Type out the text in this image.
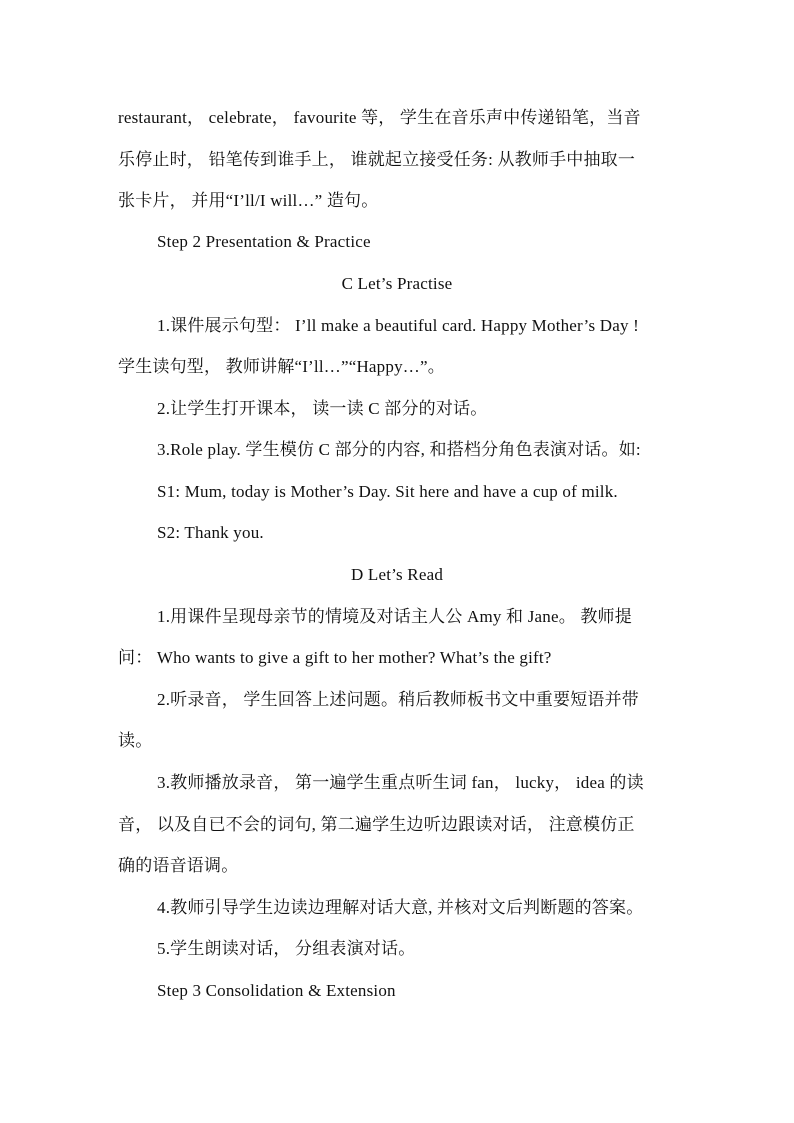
restaurant， celebrate， favourite 等， 学生在音乐声中传递铅笔，当音
乐停止时， 铅笔传到谁手上， 谁就起立接受任务: 从教师手中抽取一
张卡片， 并用“I’ll/I will…” 造句。
Step 2 Presentation & Practice
C Let’s Practise
1.课件展示句型： I’ll make a beautiful card. Happy Mother’s Day !
学生读句型， 教师讲解“I’ll…”“Happy…”。
2.让学生打开课本， 读一读 C 部分的对话。
3.Role play. 学生模仿 C 部分的内容, 和搭档分角色表演对话。如:
S1: Mum, today is Mother’s Day. Sit here and have a cup of milk.
S2: Thank you.
D Let’s Read
1.用课件呈现母亲节的情境及对话主人公 Amy 和 Jane。 教师提
问： Who wants to give a gift to her mother? What’s the gift?
2.听录音， 学生回答上述问题。稍后教师板书文中重要短语并带
读。
3.教师播放录音， 第一遍学生重点听生词 fan， lucky， idea 的读
音， 以及自已不会的词句, 第二遍学生边听边跟读对话， 注意模仿正
确的语音语调。
4.教师引导学生边读边理解对话大意, 并核对文后判断题的答案。
5.学生朗读对话， 分组表演对话。
Step 3 Consolidation & Extension
